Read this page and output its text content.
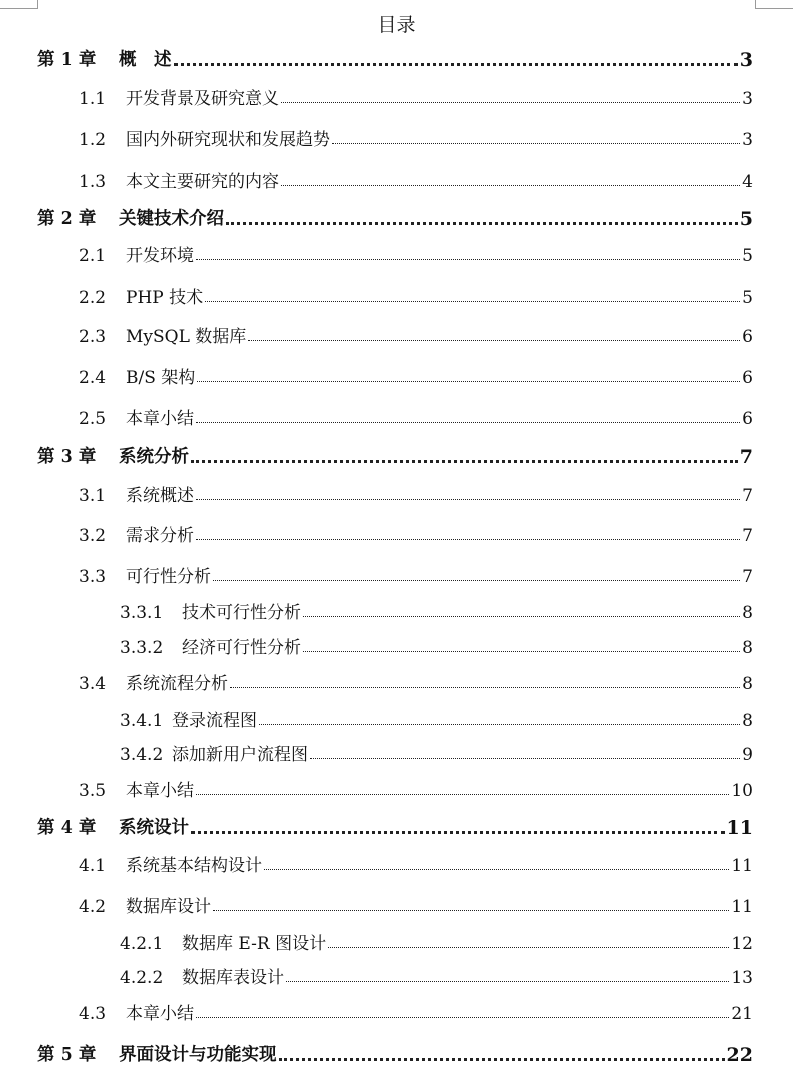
目录
第 1 章	概　述	3
1.1	开发背景及研究意义	3
1.2	国内外研究现状和发展趋势	3
1.3	本文主要研究的内容	4
第 2 章	关键技术介绍	5
2.1	开发环境	5
2.2	PHP 技术	5
2.3	MySQL 数据库	6
2.4	B/S 架构	6
2.5	本章小结	6
第 3 章	系统分析	7
3.1	系统概述	7
3.2	需求分析	7
3.3	可行性分析	7
3.3.1	技术可行性分析	8
3.3.2	经济可行性分析	8
3.4	系统流程分析	8
3.4.1 登录流程图	8
3.4.2 添加新用户流程图	9
3.5	本章小结	10
第 4 章	系统设计	11
4.1	系统基本结构设计	11
4.2	数据库设计	11
4.2.1	数据库 E-R 图设计	12
4.2.2	数据库表设计	13
4.3	本章小结	21
第 5 章	界面设计与功能实现	22
